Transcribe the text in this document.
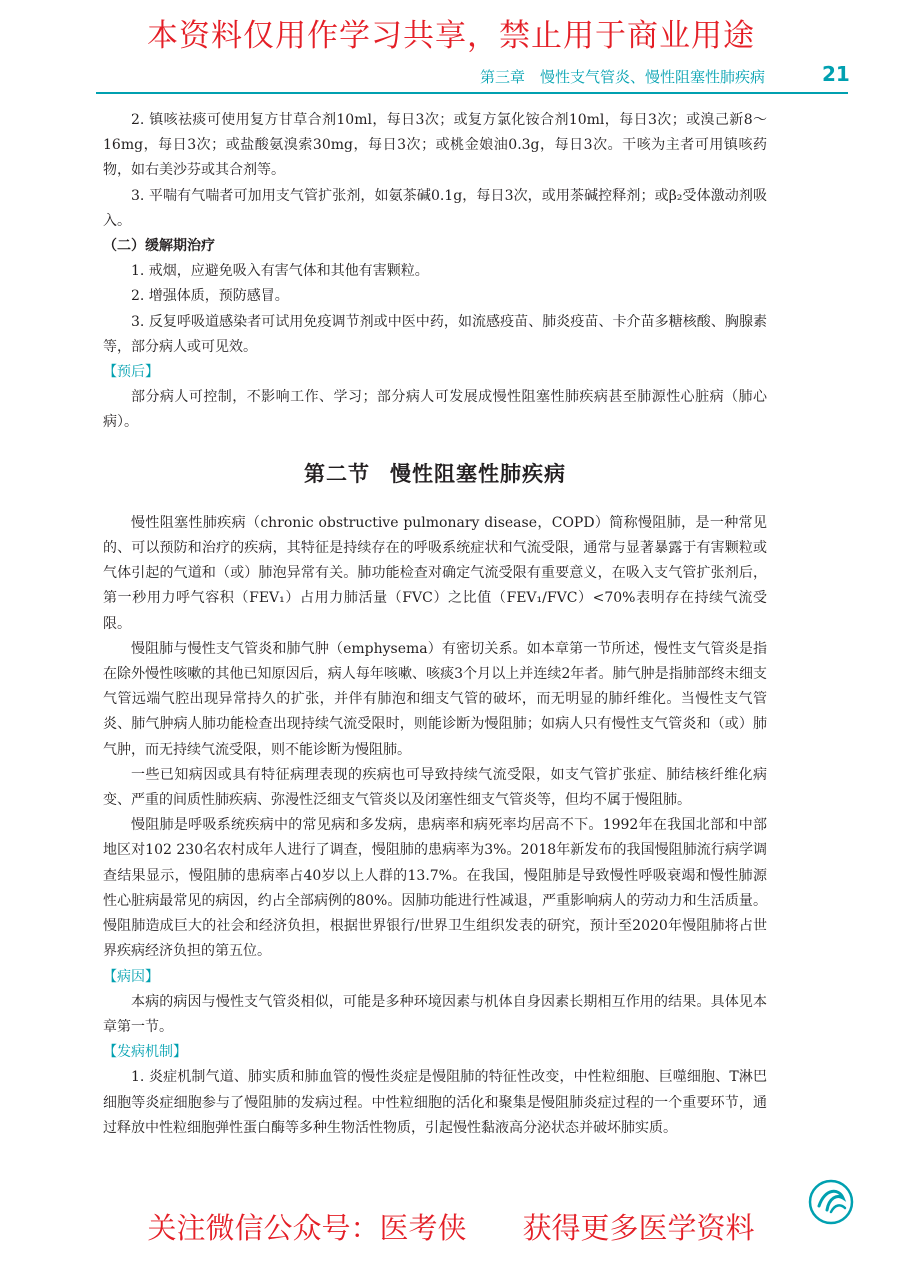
本资料仅用作学习共享，禁止用于商业用途
第三章　慢性支气管炎、慢性阻塞性肺疾病	21

2. 镇咳祛痰可使用复方甘草合剂10ml，每日3次；或复方氯化铵合剂10ml，每日3次；或溴己新8～16mg，每日3次；或盐酸氨溴索30mg，每日3次；或桃金娘油0.3g，每日3次。干咳为主者可用镇咳药物，如右美沙芬或其合剂等。

3. 平喘有气喘者可加用支气管扩张剂，如氨茶碱0.1g，每日3次，或用茶碱控释剂；或β₂受体激动剂吸入。

（二）缓解期治疗

1. 戒烟，应避免吸入有害气体和其他有害颗粒。

2. 增强体质，预防感冒。

3. 反复呼吸道感染者可试用免疫调节剂或中医中药，如流感疫苗、肺炎疫苗、卡介苗多糖核酸、胸腺素等，部分病人或可见效。

【预后】

部分病人可控制，不影响工作、学习；部分病人可发展成慢性阻塞性肺疾病甚至肺源性心脏病（肺心病）。

第二节 慢性阻塞性肺疾病

慢性阻塞性肺疾病（chronic obstructive pulmonary disease，COPD）简称慢阻肺，是一种常见的、可以预防和治疗的疾病，其特征是持续存在的呼吸系统症状和气流受限，通常与显著暴露于有害颗粒或气体引起的气道和（或）肺泡异常有关。肺功能检查对确定气流受限有重要意义，在吸入支气管扩张剂后，第一秒用力呼气容积（FEV₁）占用力肺活量（FVC）之比值（FEV₁/FVC）<70%表明存在持续气流受限。

慢阻肺与慢性支气管炎和肺气肿（emphysema）有密切关系。如本章第一节所述，慢性支气管炎是指在除外慢性咳嗽的其他已知原因后，病人每年咳嗽、咳痰3个月以上并连续2年者。肺气肿是指肺部终末细支气管远端气腔出现异常持久的扩张，并伴有肺泡和细支气管的破坏，而无明显的肺纤维化。当慢性支气管炎、肺气肿病人肺功能检查出现持续气流受限时，则能诊断为慢阻肺；如病人只有慢性支气管炎和（或）肺气肿，而无持续气流受限，则不能诊断为慢阻肺。

一些已知病因或具有特征病理表现的疾病也可导致持续气流受限，如支气管扩张症、肺结核纤维化病变、严重的间质性肺疾病、弥漫性泛细支气管炎以及闭塞性细支气管炎等，但均不属于慢阻肺。

慢阻肺是呼吸系统疾病中的常见病和多发病，患病率和病死率均居高不下。1992年在我国北部和中部地区对102 230名农村成年人进行了调查，慢阻肺的患病率为3%。2018年新发布的我国慢阻肺流行病学调查结果显示，慢阻肺的患病率占40岁以上人群的13.7%。在我国，慢阻肺是导致慢性呼吸衰竭和慢性肺源性心脏病最常见的病因，约占全部病例的80%。因肺功能进行性减退，严重影响病人的劳动力和生活质量。慢阻肺造成巨大的社会和经济负担，根据世界银行/世界卫生组织发表的研究，预计至2020年慢阻肺将占世界疾病经济负担的第五位。

【病因】

本病的病因与慢性支气管炎相似，可能是多种环境因素与机体自身因素长期相互作用的结果。具体见本章第一节。

【发病机制】

1. 炎症机制气道、肺实质和肺血管的慢性炎症是慢阻肺的特征性改变，中性粒细胞、巨噬细胞、T淋巴细胞等炎症细胞参与了慢阻肺的发病过程。中性粒细胞的活化和聚集是慢阻肺炎症过程的一个重要环节，通过释放中性粒细胞弹性蛋白酶等多种生物活性物质，引起慢性黏液高分泌状态并破坏肺实质。

关注微信公众号：医考侠 获得更多医学资料
